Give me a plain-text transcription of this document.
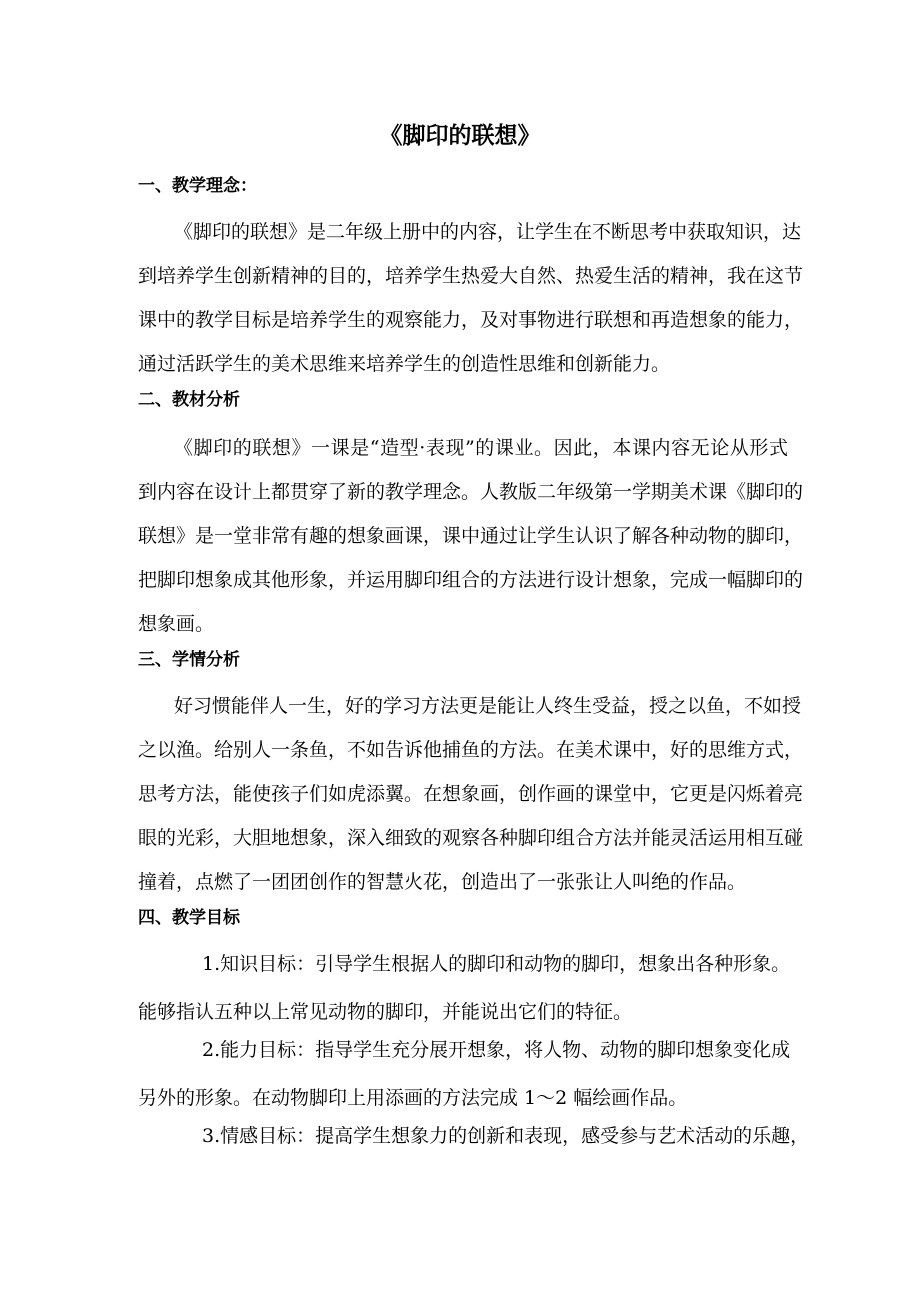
《脚印的联想》
一、教学理念：
《脚印的联想》是二年级上册中的内容，让学生在不断思考中获取知识，达
到培养学生创新精神的目的，培养学生热爱大自然、热爱生活的精神，我在这节
课中的教学目标是培养学生的观察能力，及对事物进行联想和再造想象的能力，
通过活跃学生的美术思维来培养学生的创造性思维和创新能力。
二、教材分析
《脚印的联想》一课是“造型·表现”的课业。因此，本课内容无论从形式
到内容在设计上都贯穿了新的教学理念。人教版二年级第一学期美术课《脚印的
联想》是一堂非常有趣的想象画课，课中通过让学生认识了解各种动物的脚印，
把脚印想象成其他形象，并运用脚印组合的方法进行设计想象，完成一幅脚印的
想象画。
三、学情分析
好习惯能伴人一生，好的学习方法更是能让人终生受益，授之以鱼，不如授
之以渔。给别人一条鱼，不如告诉他捕鱼的方法。在美术课中，好的思维方式，
思考方法，能使孩子们如虎添翼。在想象画，创作画的课堂中，它更是闪烁着亮
眼的光彩，大胆地想象，深入细致的观察各种脚印组合方法并能灵活运用相互碰
撞着，点燃了一团团创作的智慧火花，创造出了一张张让人叫绝的作品。
四、教学目标
1.知识目标：引导学生根据人的脚印和动物的脚印，想象出各种形象。
能够指认五种以上常见动物的脚印，并能说出它们的特征。
2.能力目标：指导学生充分展开想象，将人物、动物的脚印想象变化成
另外的形象。在动物脚印上用添画的方法完成 1～2 幅绘画作品。
3.情感目标：提高学生想象力的创新和表现，感受参与艺术活动的乐趣，
